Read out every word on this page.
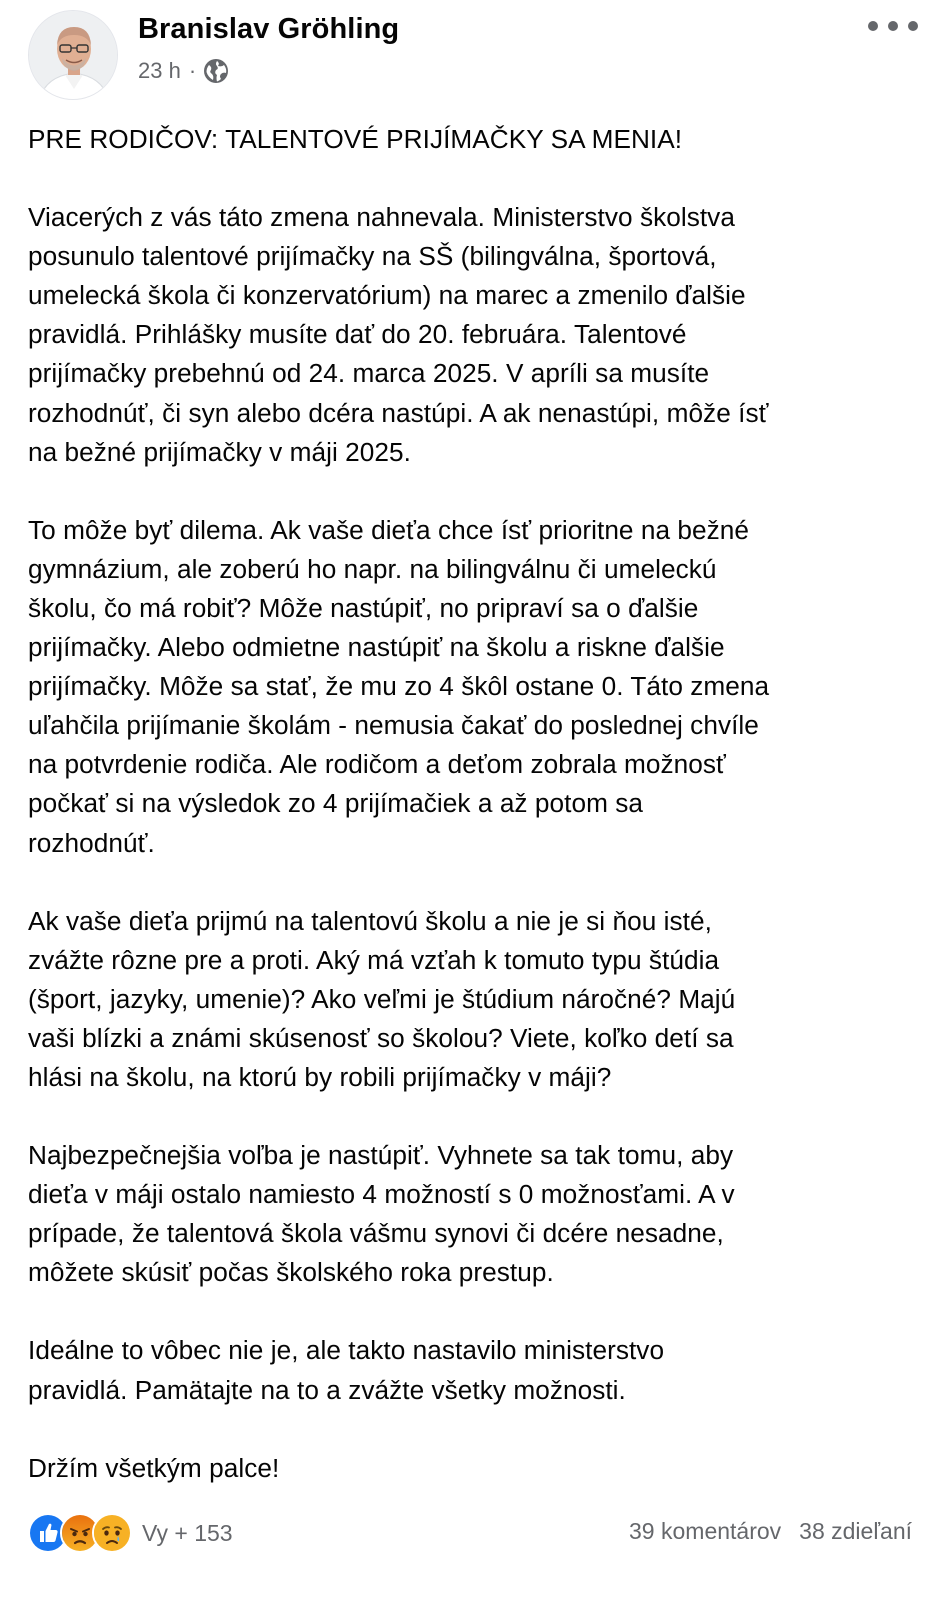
Branislav Gröhling
23 h ·

PRE RODIČOV: TALENTOVÉ PRIJÍMAČKY SA MENIA!

Viacerých z vás táto zmena nahnevala. Ministerstvo školstva
posunulo talentové prijímačky na SŠ (bilingválna, športová,
umelecká škola či konzervatórium) na marec a zmenilo ďalšie
pravidlá. Prihlášky musíte dať do 20. februára. Talentové
prijímačky prebehnú od 24. marca 2025. V apríli sa musíte
rozhodnúť, či syn alebo dcéra nastúpi. A ak nenastúpi, môže ísť
na bežné prijímačky v máji 2025.

To môže byť dilema. Ak vaše dieťa chce ísť prioritne na bežné
gymnázium, ale zoberú ho napr. na bilingválnu či umeleckú
školu, čo má robiť? Môže nastúpiť, no pripraví sa o ďalšie
prijímačky. Alebo odmietne nastúpiť na školu a riskne ďalšie
prijímačky. Môže sa stať, že mu zo 4 škôl ostane 0. Táto zmena
uľahčila prijímanie školám - nemusia čakať do poslednej chvíle
na potvrdenie rodiča. Ale rodičom a deťom zobrala možnosť
počkať si na výsledok zo 4 prijímačiek a až potom sa
rozhodnúť.

Ak vaše dieťa prijmú na talentovú školu a nie je si ňou isté,
zvážte rôzne pre a proti. Aký má vzťah k tomuto typu štúdia
(šport, jazyky, umenie)? Ako veľmi je štúdium náročné? Majú
vaši blízki a známi skúsenosť so školou? Viete, koľko detí sa
hlási na školu, na ktorú by robili prijímačky v máji?

Najbezpečnejšia voľba je nastúpiť. Vyhnete sa tak tomu, aby
dieťa v máji ostalo namiesto 4 možností s 0 možnosťami. A v
prípade, že talentová škola vášmu synovi či dcére nesadne,
môžete skúsiť počas školského roka prestup.

Ideálne to vôbec nie je, ale takto nastavilo ministerstvo
pravidlá. Pamätajte na to a zvážte všetky možnosti.

Držím všetkým palce!

Vy + 153	39 komentárov 38 zdieľaní
